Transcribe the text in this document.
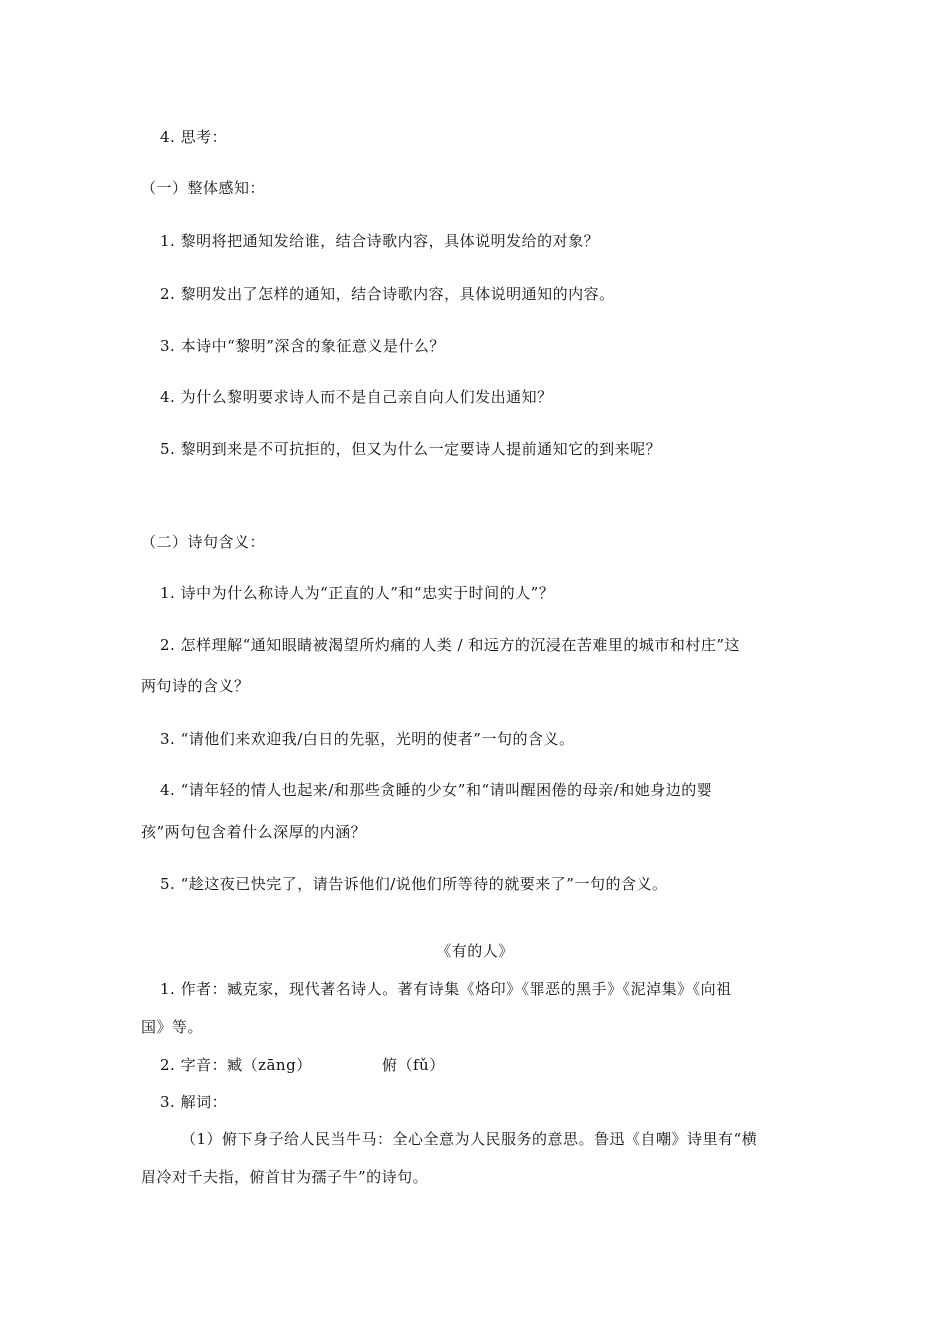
4. 思考：
（一）整体感知：
1. 黎明将把通知发给谁，结合诗歌内容，具体说明发给的对象？
2. 黎明发出了怎样的通知，结合诗歌内容，具体说明通知的内容。
3. 本诗中“黎明”深含的象征意义是什么？
4. 为什么黎明要求诗人而不是自己亲自向人们发出通知？
5. 黎明到来是不可抗拒的，但又为什么一定要诗人提前通知它的到来呢？
（二）诗句含义：
1. 诗中为什么称诗人为“正直的人”和“忠实于时间的人”？
2. 怎样理解“通知眼睛被渴望所灼痛的人类 / 和远方的沉浸在苦难里的城市和村庄”这
两句诗的含义？
3. “请他们来欢迎我/白日的先驱，光明的使者”一句的含义。
4. “请年轻的情人也起来/和那些贪睡的少女”和“请叫醒困倦的母亲/和她身边的婴
孩”两句包含着什么深厚的内涵？
5. “趁这夜已快完了，请告诉他们/说他们所等待的就要来了”一句的含义。
《有的人》
1. 作者：臧克家，现代著名诗人。著有诗集《烙印》《罪恶的黑手》《泥淖集》《向祖
国》等。
2. 字音：臧（zāng）	俯（fǔ）
3. 解词：
（1）俯下身子给人民当牛马：全心全意为人民服务的意思。鲁迅《自嘲》诗里有“横
眉冷对千夫指，俯首甘为孺子牛”的诗句。
